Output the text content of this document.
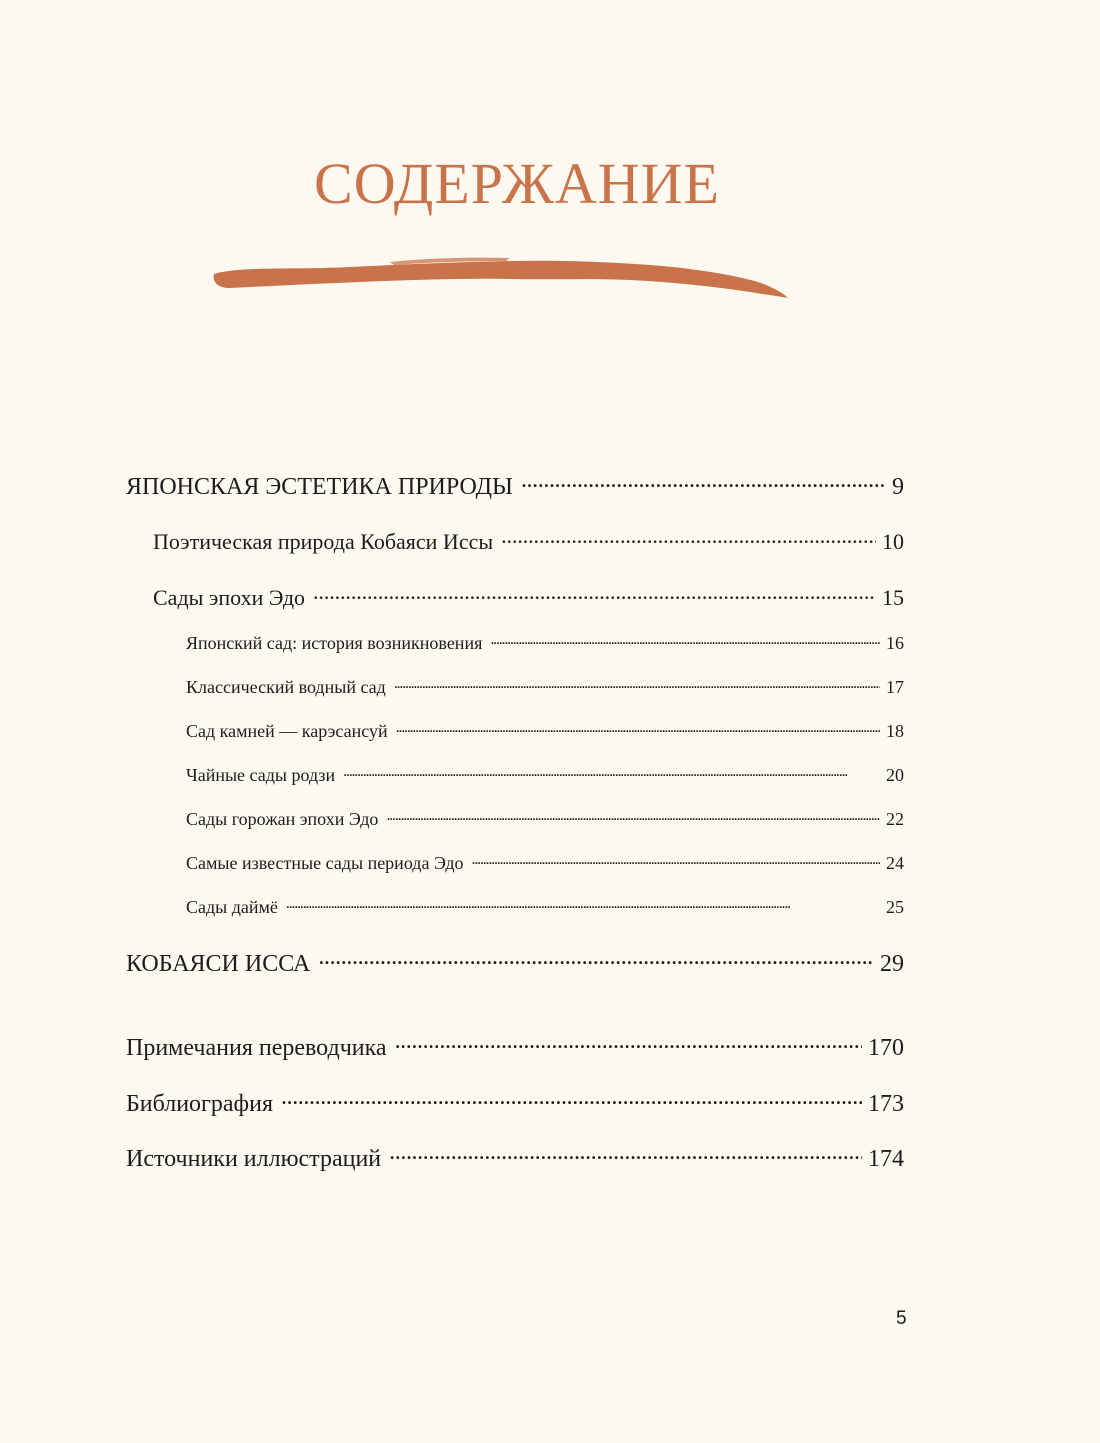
СОДЕРЖАНИЕ
ЯПОНСКАЯ ЭСТЕТИКА ПРИРОДЫ . . .	9
Поэтическая природа Кобаяси Иссы . . .	10
Сады эпохи Эдо . . .	15
Японский сад: история возникновения . . .	16
Классический водный сад . . .	17
Сад камней — карэсансуй . . .	18
Чайные сады родзи . . .	20
Сады горожан эпохи Эдо . . .	22
Самые известные сады периода Эдо . . .	24
Сады даймё . . .	25
КОБАЯСИ ИССА . . .	29
Примечания переводчика . . .	170
Библиография . . .	173
Источники иллюстраций . . .	174
5
